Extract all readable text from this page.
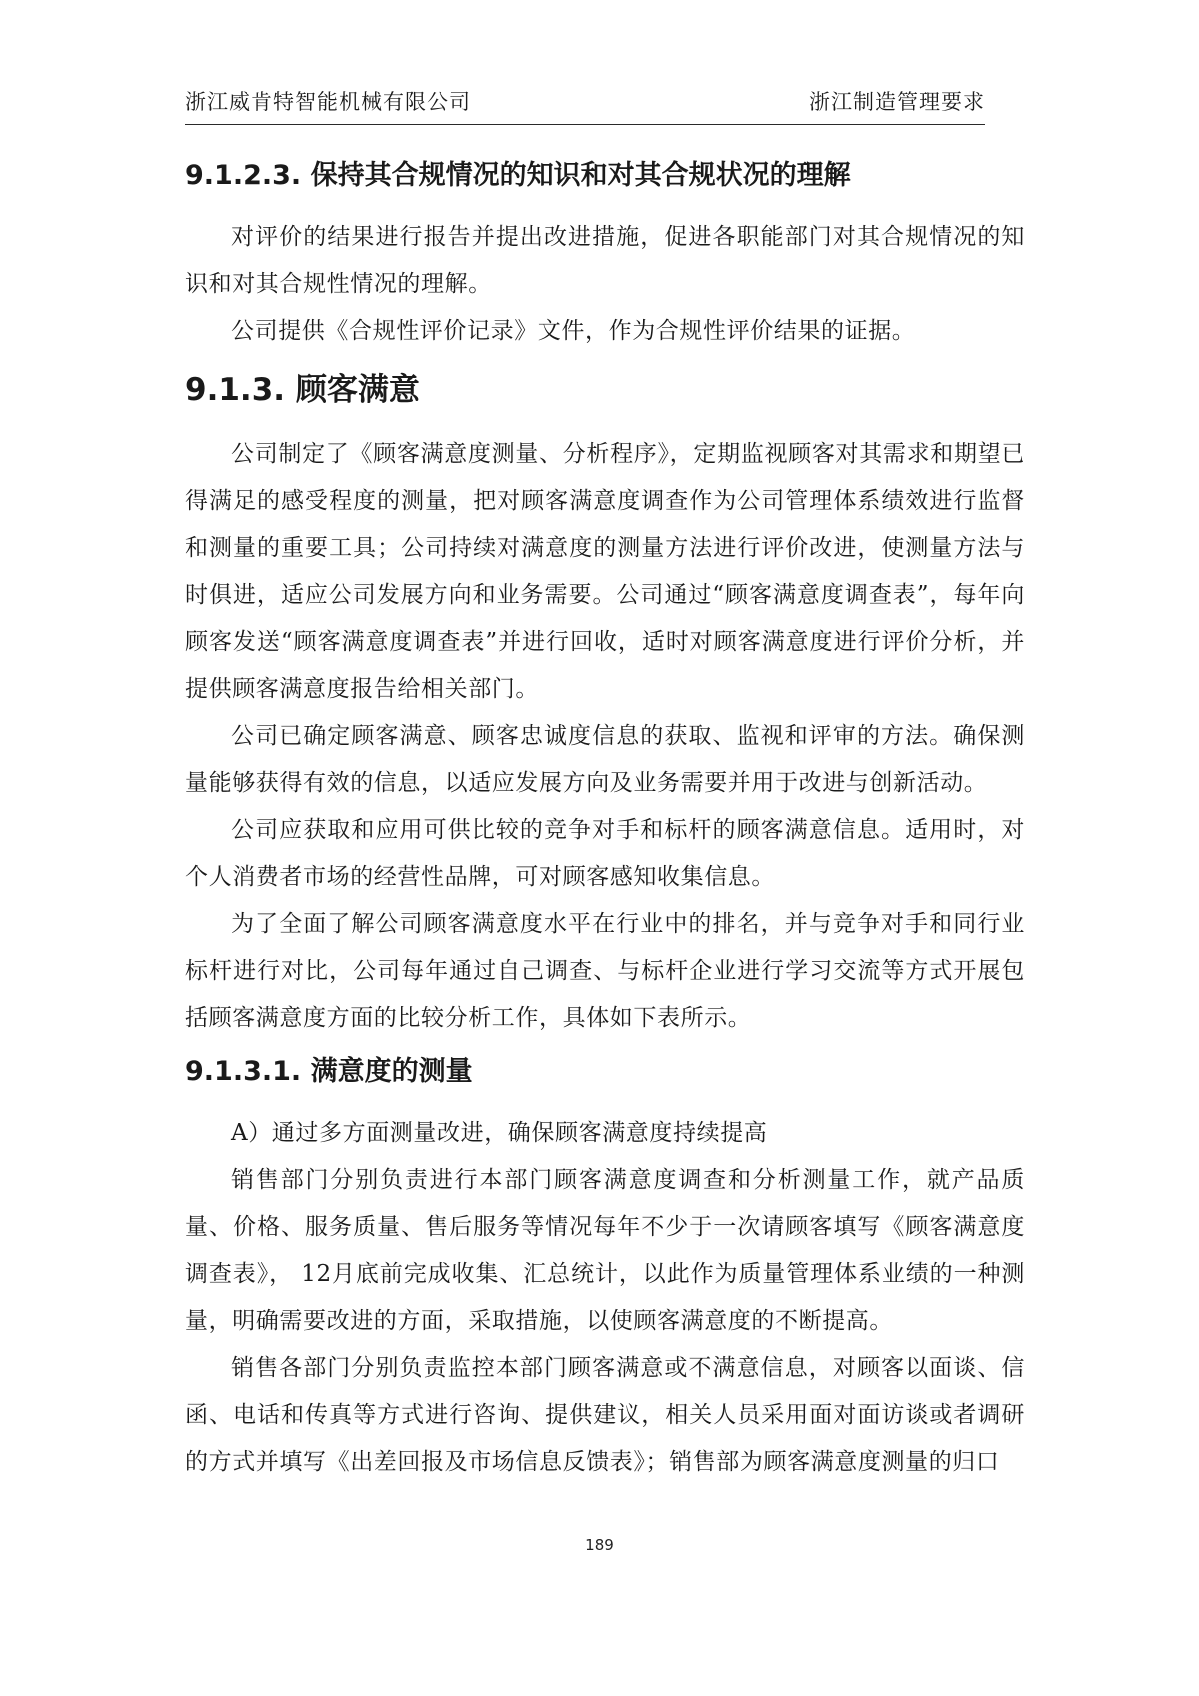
浙江威肯特智能机械有限公司	浙江制造管理要求
9.1.2.3. 保持其合规情况的知识和对其合规状况的理解

对评价的结果进行报告并提出改进措施，促进各职能部门对其合规情况的知识和对其合规性情况的理解。

公司提供《合规性评价记录》文件，作为合规性评价结果的证据。

9.1.3. 顾客满意

公司制定了《顾客满意度测量、分析程序》，定期监视顾客对其需求和期望已得满足的感受程度的测量，把对顾客满意度调查作为公司管理体系绩效进行监督和测量的重要工具；公司持续对满意度的测量方法进行评价改进，使测量方法与时俱进，适应公司发展方向和业务需要。公司通过“顾客满意度调查表”，每年向顾客发送“顾客满意度调查表”并进行回收，适时对顾客满意度进行评价分析，并提供顾客满意度报告给相关部门。

公司已确定顾客满意、顾客忠诚度信息的获取、监视和评审的方法。确保测量能够获得有效的信息，以适应发展方向及业务需要并用于改进与创新活动。

公司应获取和应用可供比较的竞争对手和标杆的顾客满意信息。适用时，对个人消费者市场的经营性品牌，可对顾客感知收集信息。

为了全面了解公司顾客满意度水平在行业中的排名，并与竞争对手和同行业标杆进行对比，公司每年通过自己调查、与标杆企业进行学习交流等方式开展包括顾客满意度方面的比较分析工作，具体如下表所示。

9.1.3.1. 满意度的测量

A）通过多方面测量改进，确保顾客满意度持续提高

销售部门分别负责进行本部门顾客满意度调查和分析测量工作，就产品质量、价格、服务质量、售后服务等情况每年不少于一次请顾客填写《顾客满意度调查表》， 12月底前完成收集、汇总统计，以此作为质量管理体系业绩的一种测量，明确需要改进的方面，采取措施，以使顾客满意度的不断提高。

销售各部门分别负责监控本部门顾客满意或不满意信息，对顾客以面谈、信函、电话和传真等方式进行咨询、提供建议，相关人员采用面对面访谈或者调研的方式并填写《出差回报及市场信息反馈表》；销售部为顾客满意度测量的归口

189
